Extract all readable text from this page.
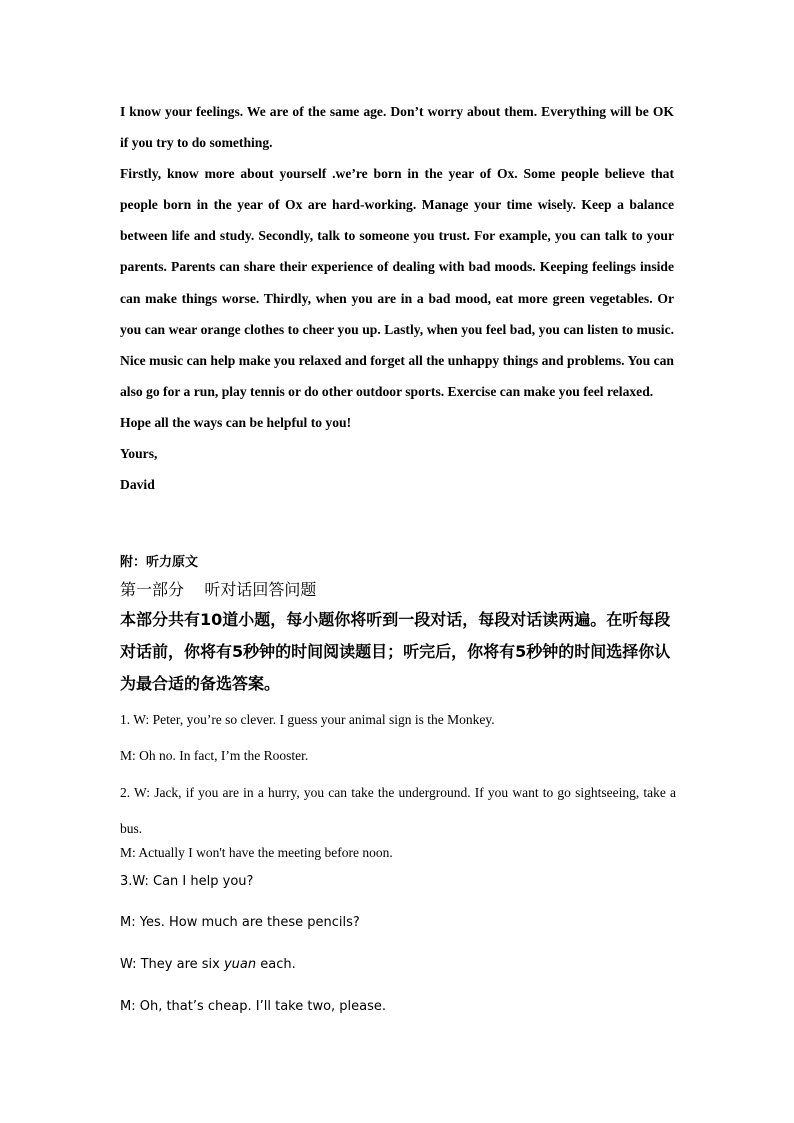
I know your feelings. We are of the same age. Don’t worry about them. Everything will be OK if you try to do something.

Firstly, know more about yourself .we’re born in the year of Ox. Some people believe that people born in the year of Ox are hard-working. Manage your time wisely. Keep a balance between life and study. Secondly, talk to someone you trust. For example, you can talk to your parents. Parents can share their experience of dealing with bad moods. Keeping feelings inside can make things worse. Thirdly, when you are in a bad mood, eat more green vegetables. Or you can wear orange clothes to cheer you up. Lastly, when you feel bad, you can listen to music. Nice music can help make you relaxed and forget all the unhappy things and problems. You can also go for a run, play tennis or do other outdoor sports. Exercise can make you feel relaxed.

Hope all the ways can be helpful to you!

Yours,

David

附：听力原文
第一部分    听对话回答问题
本部分共有10道小题，每小题你将听到一段对话，每段对话读两遍。在听每段对话前，你将有5秒钟的时间阅读题目；听完后，你将有5秒钟的时间选择你认为最合适的备选答案。
1. W: Peter, you’re so clever. I guess your animal sign is the Monkey.
M: Oh no. In fact, I’m the Rooster.
2. W: Jack, if you are in a hurry, you can take the underground. If you want to go sightseeing, take a bus.
M: Actually I won't have the meeting before noon.
3.W: Can I help you?
M: Yes. How much are these pencils?
W: They are six yuan each.
M: Oh, that’s cheap. I’ll take two, please.
